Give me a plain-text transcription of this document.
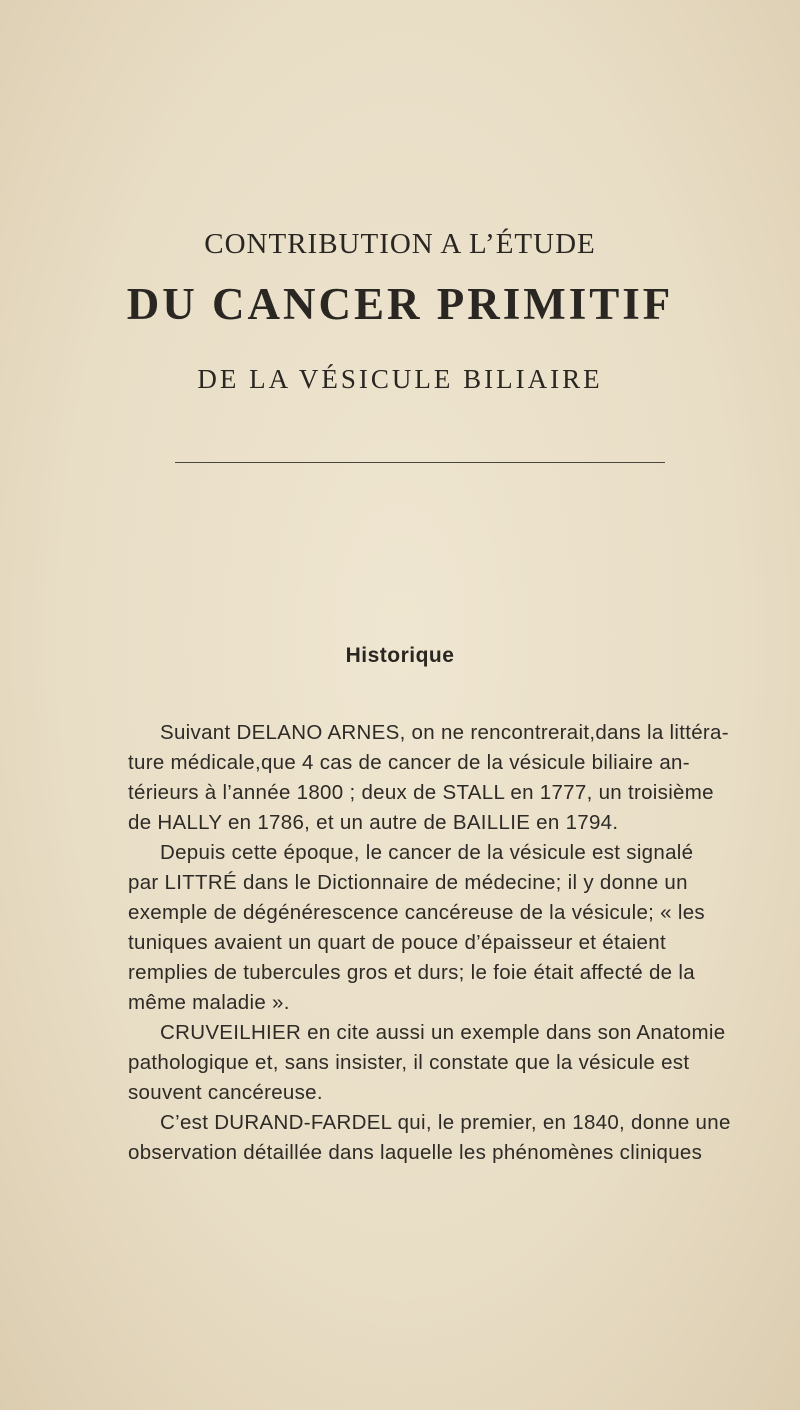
CONTRIBUTION A L’ÉTUDE
DU CANCER PRIMITIF
DE LA VÉSICULE BILIAIRE
Historique
Suivant DELANO ARNES, on ne rencontrerait,dans la littéra-
ture médicale,que 4 cas de cancer de la vésicule biliaire an-
térieurs à l’année 1800 ; deux de STALL en 1777, un troisième
de HALLY en 1786, et un autre de BAILLIE en 1794.
Depuis cette époque, le cancer de la vésicule est signalé
par LITTRÉ dans le Dictionnaire de médecine; il y donne un
exemple de dégénérescence cancéreuse de la vésicule; « les
tuniques avaient un quart de pouce d’épaisseur et étaient
remplies de tubercules gros et durs; le foie était affecté de la
même maladie ».
CRUVEILHIER en cite aussi un exemple dans son Anatomie
pathologique et, sans insister, il constate que la vésicule est
souvent cancéreuse.
C’est DURAND-FARDEL qui, le premier, en 1840, donne une
observation détaillée dans laquelle les phénomènes cliniques
